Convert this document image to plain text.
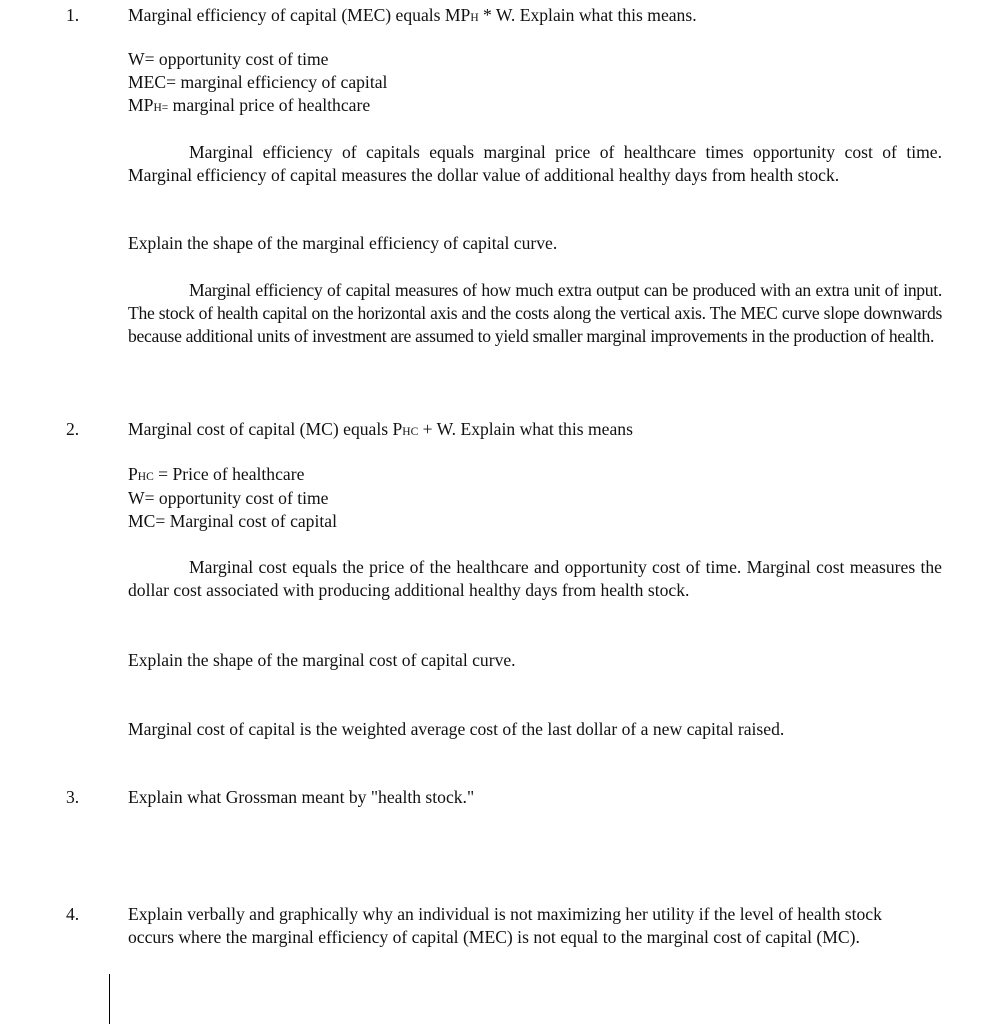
1.	Marginal efficiency of capital (MEC) equals MPH * W. Explain what this means.
W= opportunity cost of time
MEC= marginal efficiency of capital
MPH= marginal price of healthcare
Marginal efficiency of capitals equals marginal price of healthcare times opportunity cost of time. Marginal efficiency of capital measures the dollar value of additional healthy days from health stock.
Explain the shape of the marginal efficiency of capital curve.
Marginal efficiency of capital measures of how much extra output can be produced with an extra unit of input. The stock of health capital on the horizontal axis and the costs along the vertical axis. The MEC curve slope downwards because additional units of investment are assumed to yield smaller marginal improvements in the production of health.
2.	Marginal cost of capital (MC) equals PHC + W. Explain what this means
PHC = Price of healthcare
W= opportunity cost of time
MC= Marginal cost of capital
Marginal cost equals the price of the healthcare and opportunity cost of time. Marginal cost measures the dollar cost associated with producing additional healthy days from health stock.
Explain the shape of the marginal cost of capital curve.
Marginal cost of capital is the weighted average cost of the last dollar of a new capital raised.
3.	Explain what Grossman meant by "health stock."
4.	Explain verbally and graphically why an individual is not maximizing her utility if the level of health stock occurs where the marginal efficiency of capital (MEC) is not equal to the marginal cost of capital (MC).
